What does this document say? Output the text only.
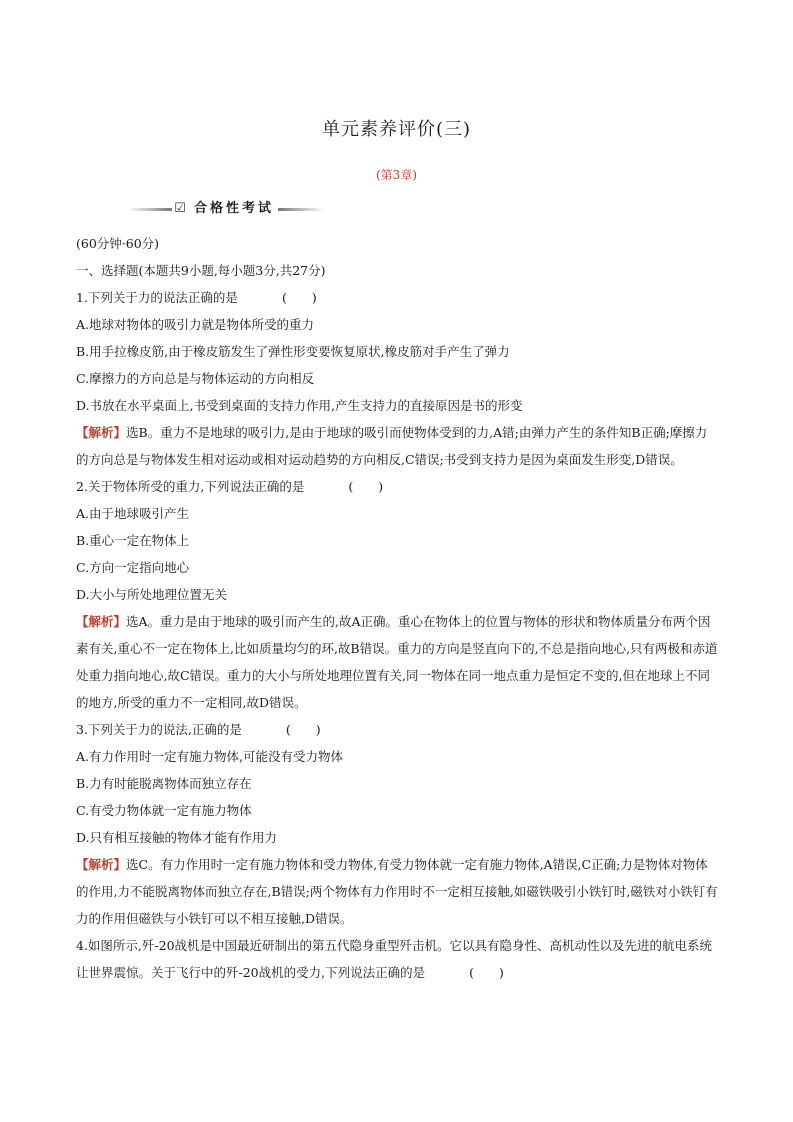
单元素养评价(三)
(第3章)
☑ 合格性考试

(60分钟·60分)

一、选择题(本题共9小题,每小题3分,共27分)

1.下列关于力的说法正确的是	(　　)

A.地球对物体的吸引力就是物体所受的重力

B.用手拉橡皮筋,由于橡皮筋发生了弹性形变要恢复原状,橡皮筋对手产生了弹力

C.摩擦力的方向总是与物体运动的方向相反

D.书放在水平桌面上,书受到桌面的支持力作用,产生支持力的直接原因是书的形变

【解析】选B。重力不是地球的吸引力,是由于地球的吸引而使物体受到的力,A错;由弹力产生的条件知B正确;摩擦力的方向总是与物体发生相对运动或相对运动趋势的方向相反,C错误;书受到支持力是因为桌面发生形变,D错误。

2.关于物体所受的重力,下列说法正确的是	(　　)

A.由于地球吸引产生

B.重心一定在物体上

C.方向一定指向地心

D.大小与所处地理位置无关

【解析】选A。重力是由于地球的吸引而产生的,故A正确。重心在物体上的位置与物体的形状和物体质量分布两个因素有关,重心不一定在物体上,比如质量均匀的环,故B错误。重力的方向是竖直向下的,不总是指向地心,只有两极和赤道处重力指向地心,故C错误。重力的大小与所处地理位置有关,同一物体在同一地点重力是恒定不变的,但在地球上不同的地方,所受的重力不一定相同,故D错误。

3.下列关于力的说法,正确的是	(　　)

A.有力作用时一定有施力物体,可能没有受力物体

B.力有时能脱离物体而独立存在

C.有受力物体就一定有施力物体

D.只有相互接触的物体才能有作用力

【解析】选C。有力作用时一定有施力物体和受力物体,有受力物体就一定有施力物体,A错误,C正确;力是物体对物体的作用,力不能脱离物体而独立存在,B错误;两个物体有力作用时不一定相互接触,如磁铁吸引小铁钉时,磁铁对小铁钉有力的作用但磁铁与小铁钉可以不相互接触,D错误。

4.如图所示,歼-20战机是中国最近研制出的第五代隐身重型歼击机。它以具有隐身性、高机动性以及先进的航电系统让世界震惊。关于飞行中的歼-20战机的受力,下列说法正确的是	(　　)
